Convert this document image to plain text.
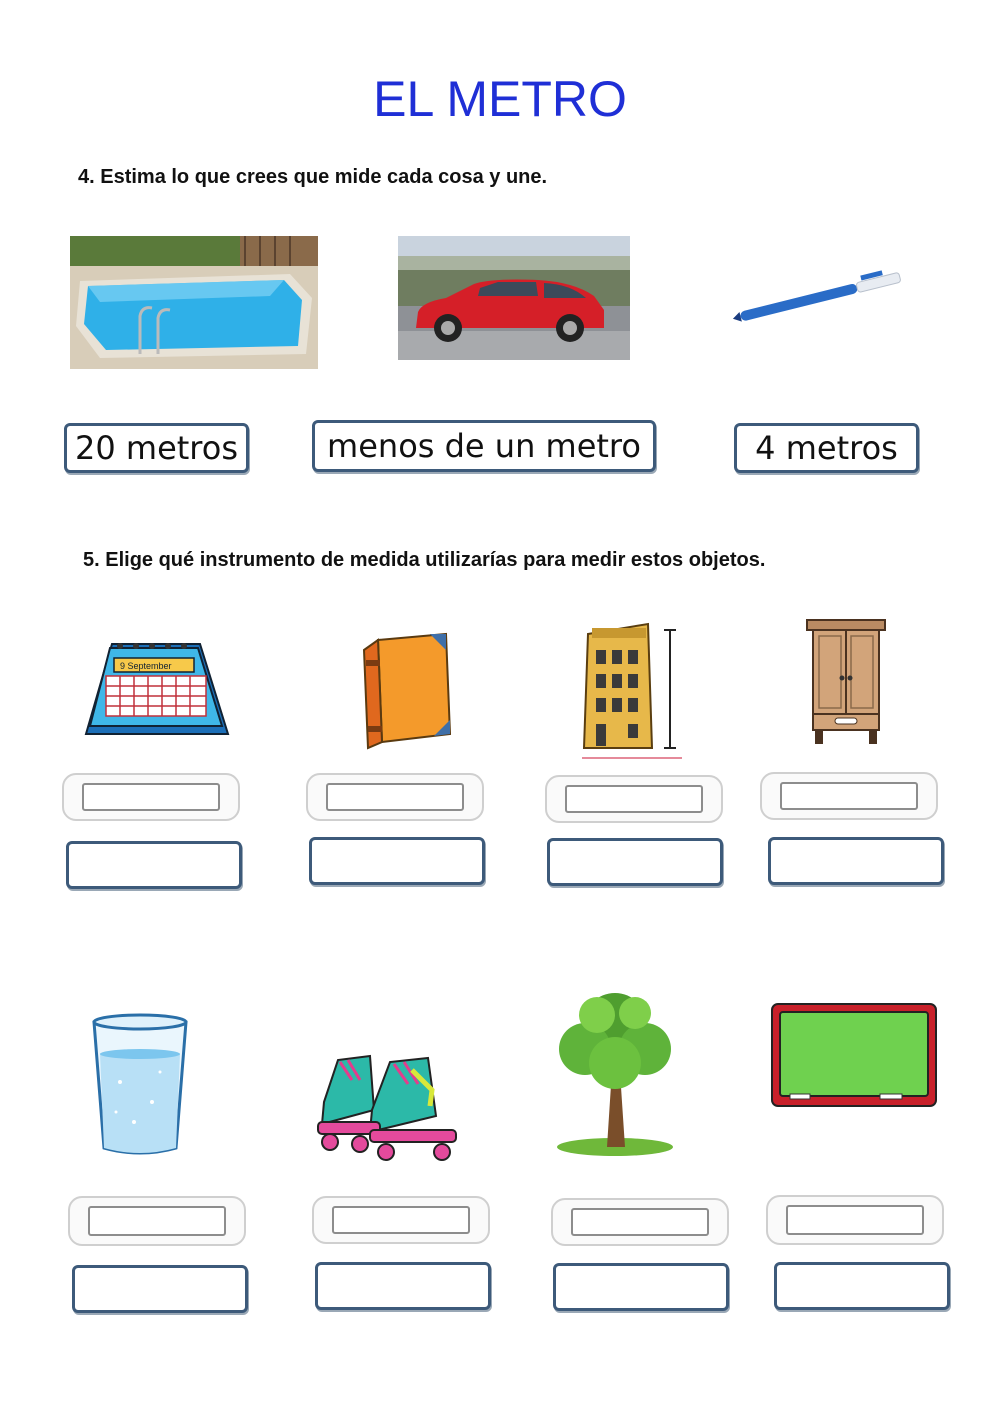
EL METRO
4. Estima lo que crees que mide cada cosa y une.
20 metros	menos de un metro	4 metros
5. Elige qué instrumento de medida utilizarías para medir estos objetos.
9 September
